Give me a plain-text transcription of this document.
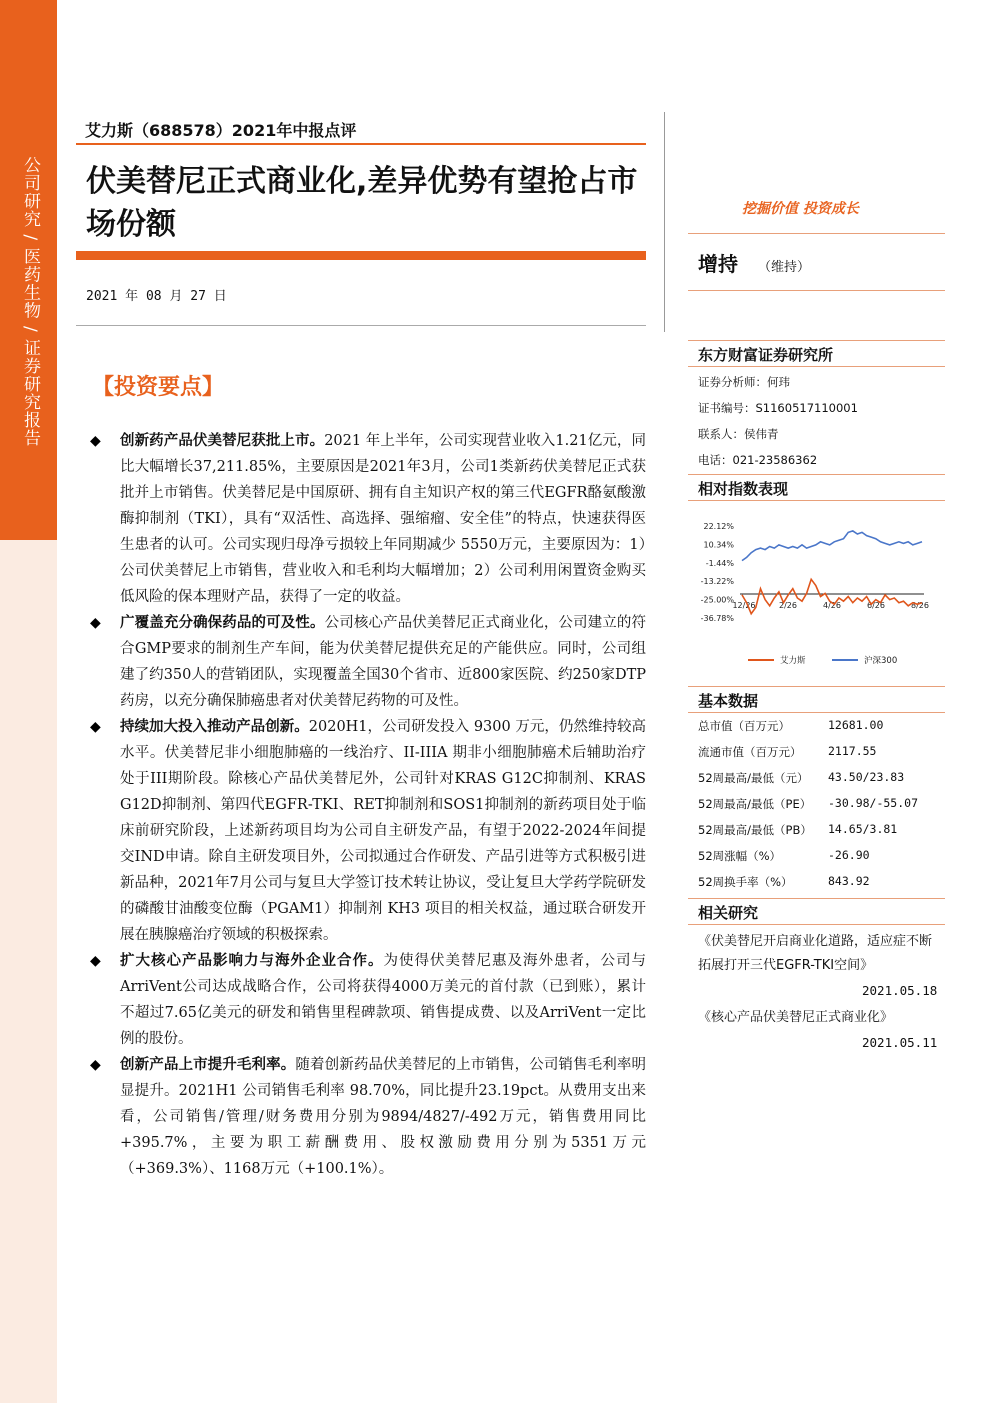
公司研究 / 医药生物 / 证券研究报告
艾力斯（688578）2021年中报点评
伏美替尼正式商业化,差异优势有望抢占市场份额
2021 年 08 月 27 日
【投资要点】
◆ 创新药产品伏美替尼获批上市。2021 年上半年，公司实现营业收入1.21亿元，同比大幅增长37,211.85%，主要原因是2021年3月，公司1类新药伏美替尼正式获批并上市销售。伏美替尼是中国原研、拥有自主知识产权的第三代EGFR酪氨酸激酶抑制剂（TKI），具有“双活性、高选择、强缩瘤、安全佳”的特点，快速获得医生患者的认可。公司实现归母净亏损较上年同期减少 5550万元，主要原因为：1）公司伏美替尼上市销售，营业收入和毛利均大幅增加；2）公司利用闲置资金购买低风险的保本理财产品，获得了一定的收益。
◆ 广覆盖充分确保药品的可及性。公司核心产品伏美替尼正式商业化，公司建立的符合GMP要求的制剂生产车间，能为伏美替尼提供充足的产能供应。同时，公司组建了约350人的营销团队，实现覆盖全国30个省市、近800家医院、约250家DTP药房，以充分确保肺癌患者对伏美替尼药物的可及性。
◆ 持续加大投入推动产品创新。2020H1，公司研发投入 9300 万元，仍然维持较高水平。伏美替尼非小细胞肺癌的一线治疗、II-IIIA 期非小细胞肺癌术后辅助治疗处于III期阶段。除核心产品伏美替尼外，公司针对KRAS G12C抑制剂、KRAS G12D抑制剂、第四代EGFR-TKI、RET抑制剂和SOS1抑制剂的新药项目处于临床前研究阶段，上述新药项目均为公司自主研发产品，有望于2022-2024年间提交IND申请。除自主研发项目外，公司拟通过合作研发、产品引进等方式积极引进新品种，2021年7月公司与复旦大学签订技术转让协议，受让复旦大学药学院研发的磷酸甘油酸变位酶（PGAM1）抑制剂 KH3 项目的相关权益，通过联合研发开展在胰腺癌治疗领域的积极探索。
◆ 扩大核心产品影响力与海外企业合作。为使得伏美替尼惠及海外患者，公司与ArriVent公司达成战略合作，公司将获得4000万美元的首付款（已到账），累计不超过7.65亿美元的研发和销售里程碑款项、销售提成费、以及ArriVent一定比例的股份。
◆ 创新产品上市提升毛利率。随着创新药品伏美替尼的上市销售，公司销售毛利率明显提升。2021H1 公司销售毛利率 98.70%，同比提升23.19pct。从费用支出来看，公司销售/管理/财务费用分别为9894/4827/-492万元，销售费用同比+395.7%，主要为职工薪酬费用、股权激励费用分别为5351万元（+369.3%）、1168万元（+100.1%）。
挖掘价值 投资成长
增持 （维持）
东方财富证券研究所
证券分析师：何玮
证书编号：S1160517110001
联系人：侯伟青
电话：021-23586362
相对指数表现
22.12%
10.34%
-1.44%
-13.22%
-25.00%
-36.78%
12/26	2/26	4/26	6/26	8/26
艾力斯	沪深300
基本数据
总市值（百万元）	12681.00
流通市值（百万元） 2117.55
52周最高/最低（元） 43.50/23.83
52周最高/最低（PE） -30.98/-55.07
52周最高/最低（PB） 14.65/3.81
52周涨幅（%）	-26.90
52周换手率（%）	843.92
相关研究
《伏美替尼开启商业化道路，适应症不断拓展打开三代EGFR-TKI空间》
2021.05.18
《核心产品伏美替尼正式商业化》
2021.05.11
